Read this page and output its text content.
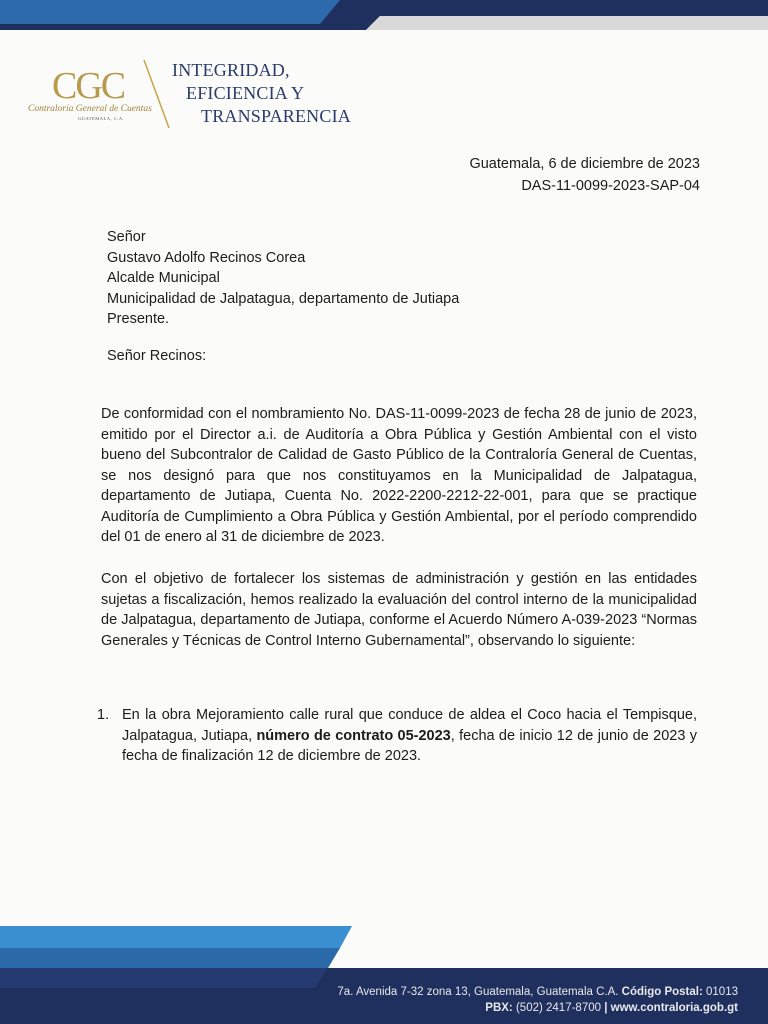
CGC
Contraloría General de Cuentas
GUATEMALA, C.A.
INTEGRIDAD,
EFICIENCIA Y
TRANSPARENCIA
Guatemala, 6 de diciembre de 2023
DAS-11-0099-2023-SAP-04
Señor
Gustavo Adolfo Recinos Corea
Alcalde Municipal
Municipalidad de Jalpatagua, departamento de Jutiapa
Presente.
Señor Recinos:
De conformidad con el nombramiento No. DAS-11-0099-2023 de fecha 28 de junio de 2023, emitido por el Director a.i. de Auditoría a Obra Pública y Gestión Ambiental con el visto bueno del Subcontralor de Calidad de Gasto Público de la Contraloría General de Cuentas, se nos designó para que nos constituyamos en la Municipalidad de Jalpatagua, departamento de Jutiapa, Cuenta No. 2022-2200-2212-22-001, para que se practique Auditoría de Cumplimiento a Obra Pública y Gestión Ambiental, por el período comprendido del 01 de enero al 31 de diciembre de 2023.
Con el objetivo de fortalecer los sistemas de administración y gestión en las entidades sujetas a fiscalización, hemos realizado la evaluación del control interno de la municipalidad de Jalpatagua, departamento de Jutiapa, conforme el Acuerdo Número A-039-2023 “Normas Generales y Técnicas de Control Interno Gubernamental”, observando lo siguiente:
1. En la obra Mejoramiento calle rural que conduce de aldea el Coco hacia el Tempisque, Jalpatagua, Jutiapa, número de contrato 05-2023, fecha de inicio 12 de junio de 2023 y fecha de finalización 12 de diciembre de 2023.
7a. Avenida 7-32 zona 13, Guatemala, Guatemala C.A. Código Postal: 01013
PBX: (502) 2417-8700 | www.contraloria.gob.gt
